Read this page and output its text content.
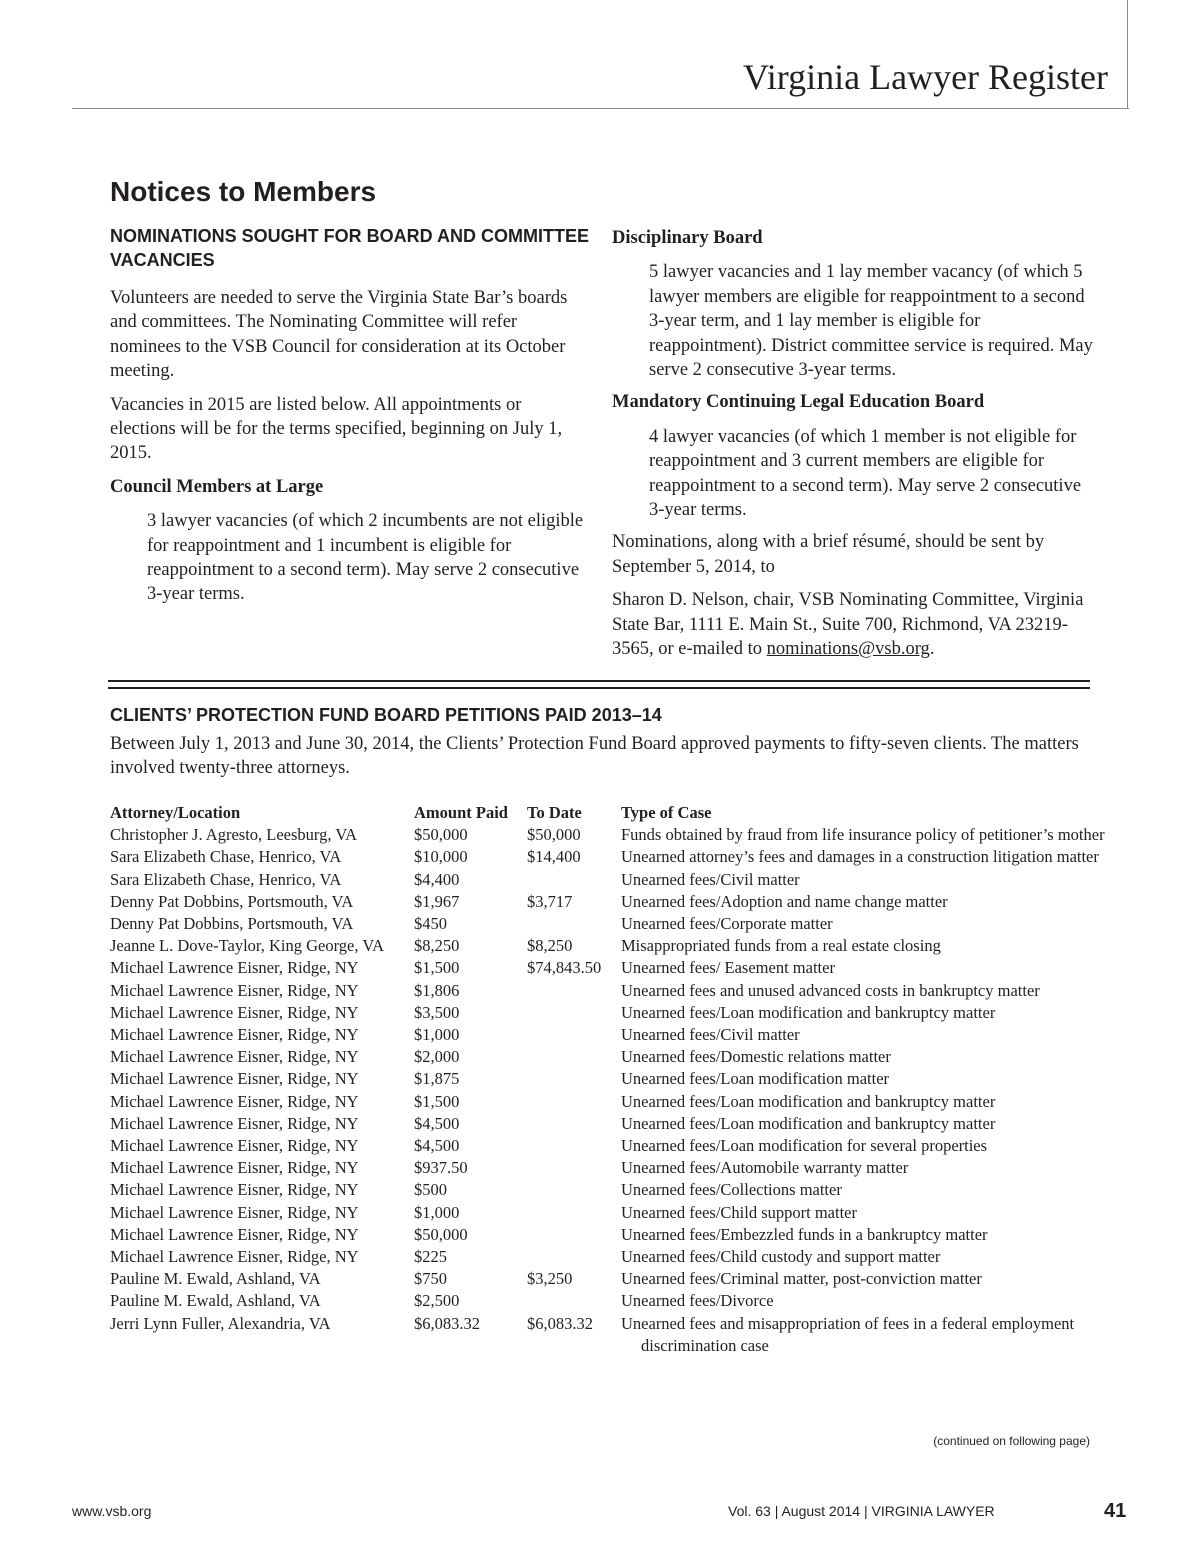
Virginia Lawyer Register
Notices to Members
NOMINATIONS SOUGHT FOR BOARD AND COMMITTEE VACANCIES

Volunteers are needed to serve the Virginia State Bar’s boards and committees. The Nominating Committee will refer nominees to the VSB Council for consideration at its October meeting.

Vacancies in 2015 are listed below. All appointments or elections will be for the terms specified, beginning on July 1, 2015.

Council Members at Large

3 lawyer vacancies (of which 2 incumbents are not eligible for reappointment and 1 incumbent is eligible for reappointment to a second term). May serve 2 consecutive 3-year terms.

Disciplinary Board

5 lawyer vacancies and 1 lay member vacancy (of which 5 lawyer members are eligible for reappointment to a second 3-year term, and 1 lay member is eligible for reappointment). District committee service is required. May serve 2 consecutive 3-year terms.

Mandatory Continuing Legal Education Board

4 lawyer vacancies (of which 1 member is not eligible for reappointment and 3 current members are eligible for reappointment to a second term). May serve 2 consecutive 3-year terms.

Nominations, along with a brief résumé, should be sent by September 5, 2014, to

Sharon D. Nelson, chair, VSB Nominating Committee, Virginia State Bar, 1111 E. Main St., Suite 700, Richmond, VA 23219-3565, or e-mailed to nominations@vsb.org.

CLIENTS’ PROTECTION FUND BOARD PETITIONS PAID 2013–14

Between July 1, 2013 and June 30, 2014, the Clients’ Protection Fund Board approved payments to fifty-seven clients. The matters involved twenty-three attorneys.

Attorney/Location	Amount Paid	To Date	Type of Case
Christopher J. Agresto, Leesburg, VA	$50,000	$50,000	Funds obtained by fraud from life insurance policy of petitioner’s mother
Sara Elizabeth Chase, Henrico, VA	$10,000	$14,400	Unearned attorney’s fees and damages in a construction litigation matter
Sara Elizabeth Chase, Henrico, VA	$4,400	Unearned fees/Civil matter
Denny Pat Dobbins, Portsmouth, VA	$1,967	$3,717	Unearned fees/Adoption and name change matter
Denny Pat Dobbins, Portsmouth, VA	$450	Unearned fees/Corporate matter
Jeanne L. Dove-Taylor, King George, VA	$8,250	$8,250	Misappropriated funds from a real estate closing
Michael Lawrence Eisner, Ridge, NY	$1,500	$74,843.50	Unearned fees/ Easement matter
Michael Lawrence Eisner, Ridge, NY	$1,806	Unearned fees and unused advanced costs in bankruptcy matter
Michael Lawrence Eisner, Ridge, NY	$3,500	Unearned fees/Loan modification and bankruptcy matter
Michael Lawrence Eisner, Ridge, NY	$1,000	Unearned fees/Civil matter
Michael Lawrence Eisner, Ridge, NY	$2,000	Unearned fees/Domestic relations matter
Michael Lawrence Eisner, Ridge, NY	$1,875	Unearned fees/Loan modification matter
Michael Lawrence Eisner, Ridge, NY	$1,500	Unearned fees/Loan modification and bankruptcy matter
Michael Lawrence Eisner, Ridge, NY	$4,500	Unearned fees/Loan modification and bankruptcy matter
Michael Lawrence Eisner, Ridge, NY	$4,500	Unearned fees/Loan modification for several properties
Michael Lawrence Eisner, Ridge, NY	$937.50	Unearned fees/Automobile warranty matter
Michael Lawrence Eisner, Ridge, NY	$500	Unearned fees/Collections matter
Michael Lawrence Eisner, Ridge, NY	$1,000	Unearned fees/Child support matter
Michael Lawrence Eisner, Ridge, NY	$50,000	Unearned fees/Embezzled funds in a bankruptcy matter
Michael Lawrence Eisner, Ridge, NY	$225	Unearned fees/Child custody and support matter
Pauline M. Ewald, Ashland, VA	$750	$3,250	Unearned fees/Criminal matter, post-conviction matter
Pauline M. Ewald, Ashland, VA	$2,500	Unearned fees/Divorce
Jerri Lynn Fuller, Alexandria, VA	$6,083.32	$6,083.32	Unearned fees and misappropriation of fees in a federal employment discrimination case
(continued on following page)
www.vsb.org	Vol. 63 | August 2014 | VIRGINIA LAWYER	41
